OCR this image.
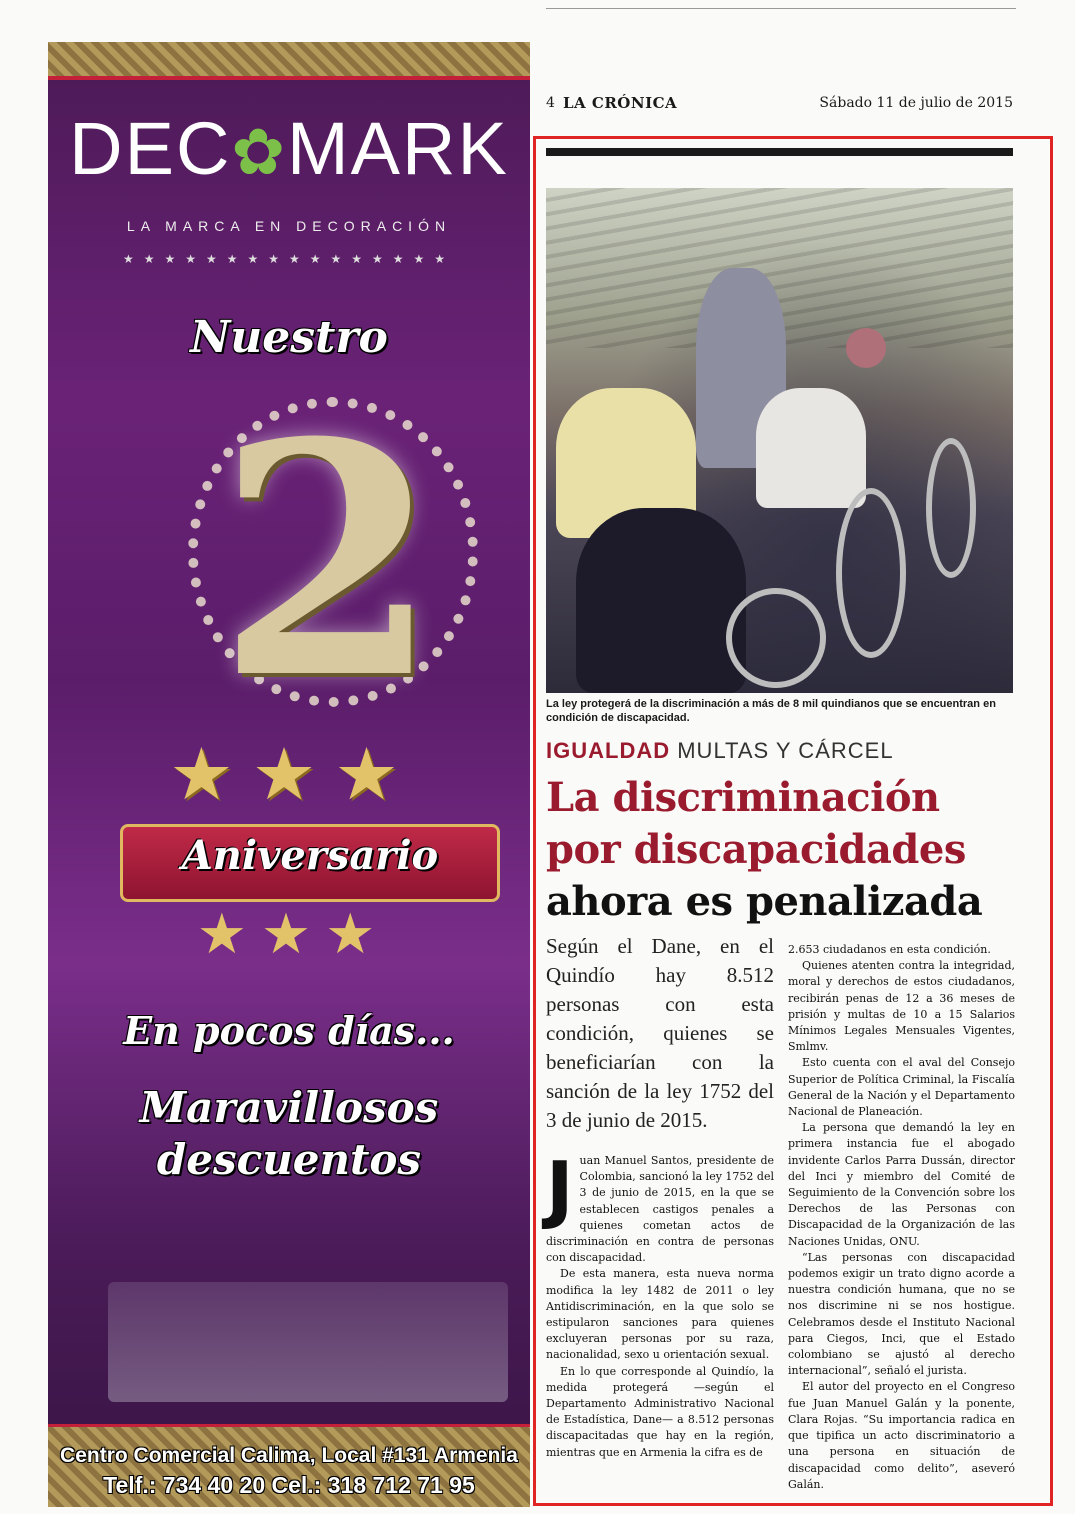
DEC✿MARK
LA MARCA EN DECORACIÓN
★★★★★★★★★★★★★★★★
Nuestro
2
★★★
Aniversario
★★★
En pocos días...
Maravillosos
descuentos
Centro Comercial Calima, Local #131 Armenia
Telf.: 734 40 20 Cel.: 318 712 71 95
4 LA CRÓNICA	Sábado 11 de julio de 2015
La ley protegerá de la discriminación a más de 8 mil quindianos que se encuentran en condición de discapacidad.
IGUALDAD MULTAS Y CÁRCEL
La discriminación
por discapacidades
ahora es penalizada
Según el Dane, en el Quindío hay 8.512 personas con esta condición, quienes se beneficiarían con la sanción de la ley 1752 del 3 de junio de 2015.

Juan Manuel Santos, presidente de Colombia, sancionó la ley 1752 del 3 de junio de 2015, en la que se establecen castigos penales a quienes cometan actos de discriminación en contra de personas con discapacidad.

De esta manera, esta nueva norma modifica la ley 1482 de 2011 o ley Antidiscriminación, en la que solo se estipularon sanciones para quienes excluyeran personas por su raza, nacionalidad, sexo u orientación sexual.

En lo que corresponde al Quindío, la medida protegerá —según el Departamento Administrativo Nacional de Estadística, Dane— a 8.512 personas discapacitadas que hay en la región, mientras que en Armenia la cifra es de

2.653 ciudadanos en esta condición.

Quienes atenten contra la integridad, moral y derechos de estos ciudadanos, recibirán penas de 12 a 36 meses de prisión y multas de 10 a 15 Salarios Mínimos Legales Mensuales Vigentes, Smlmv.

Esto cuenta con el aval del Consejo Superior de Política Criminal, la Fiscalía General de la Nación y el Departamento Nacional de Planeación.

La persona que demandó la ley en primera instancia fue el abogado invidente Carlos Parra Dussán, director del Inci y miembro del Comité de Seguimiento de la Convención sobre los Derechos de las Personas con Discapacidad de la Organización de las Naciones Unidas, ONU.

“Las personas con discapacidad podemos exigir un trato digno acorde a nuestra condición humana, que no se nos discrimine ni se nos hostigue. Celebramos desde el Instituto Nacional para Ciegos, Inci, que el Estado colombiano se ajustó al derecho internacional”, señaló el jurista.

El autor del proyecto en el Congreso fue Juan Manuel Galán y la ponente, Clara Rojas. “Su importancia radica en que tipifica un acto discriminatorio a una persona en situación de discapacidad como delito”, aseveró Galán.
